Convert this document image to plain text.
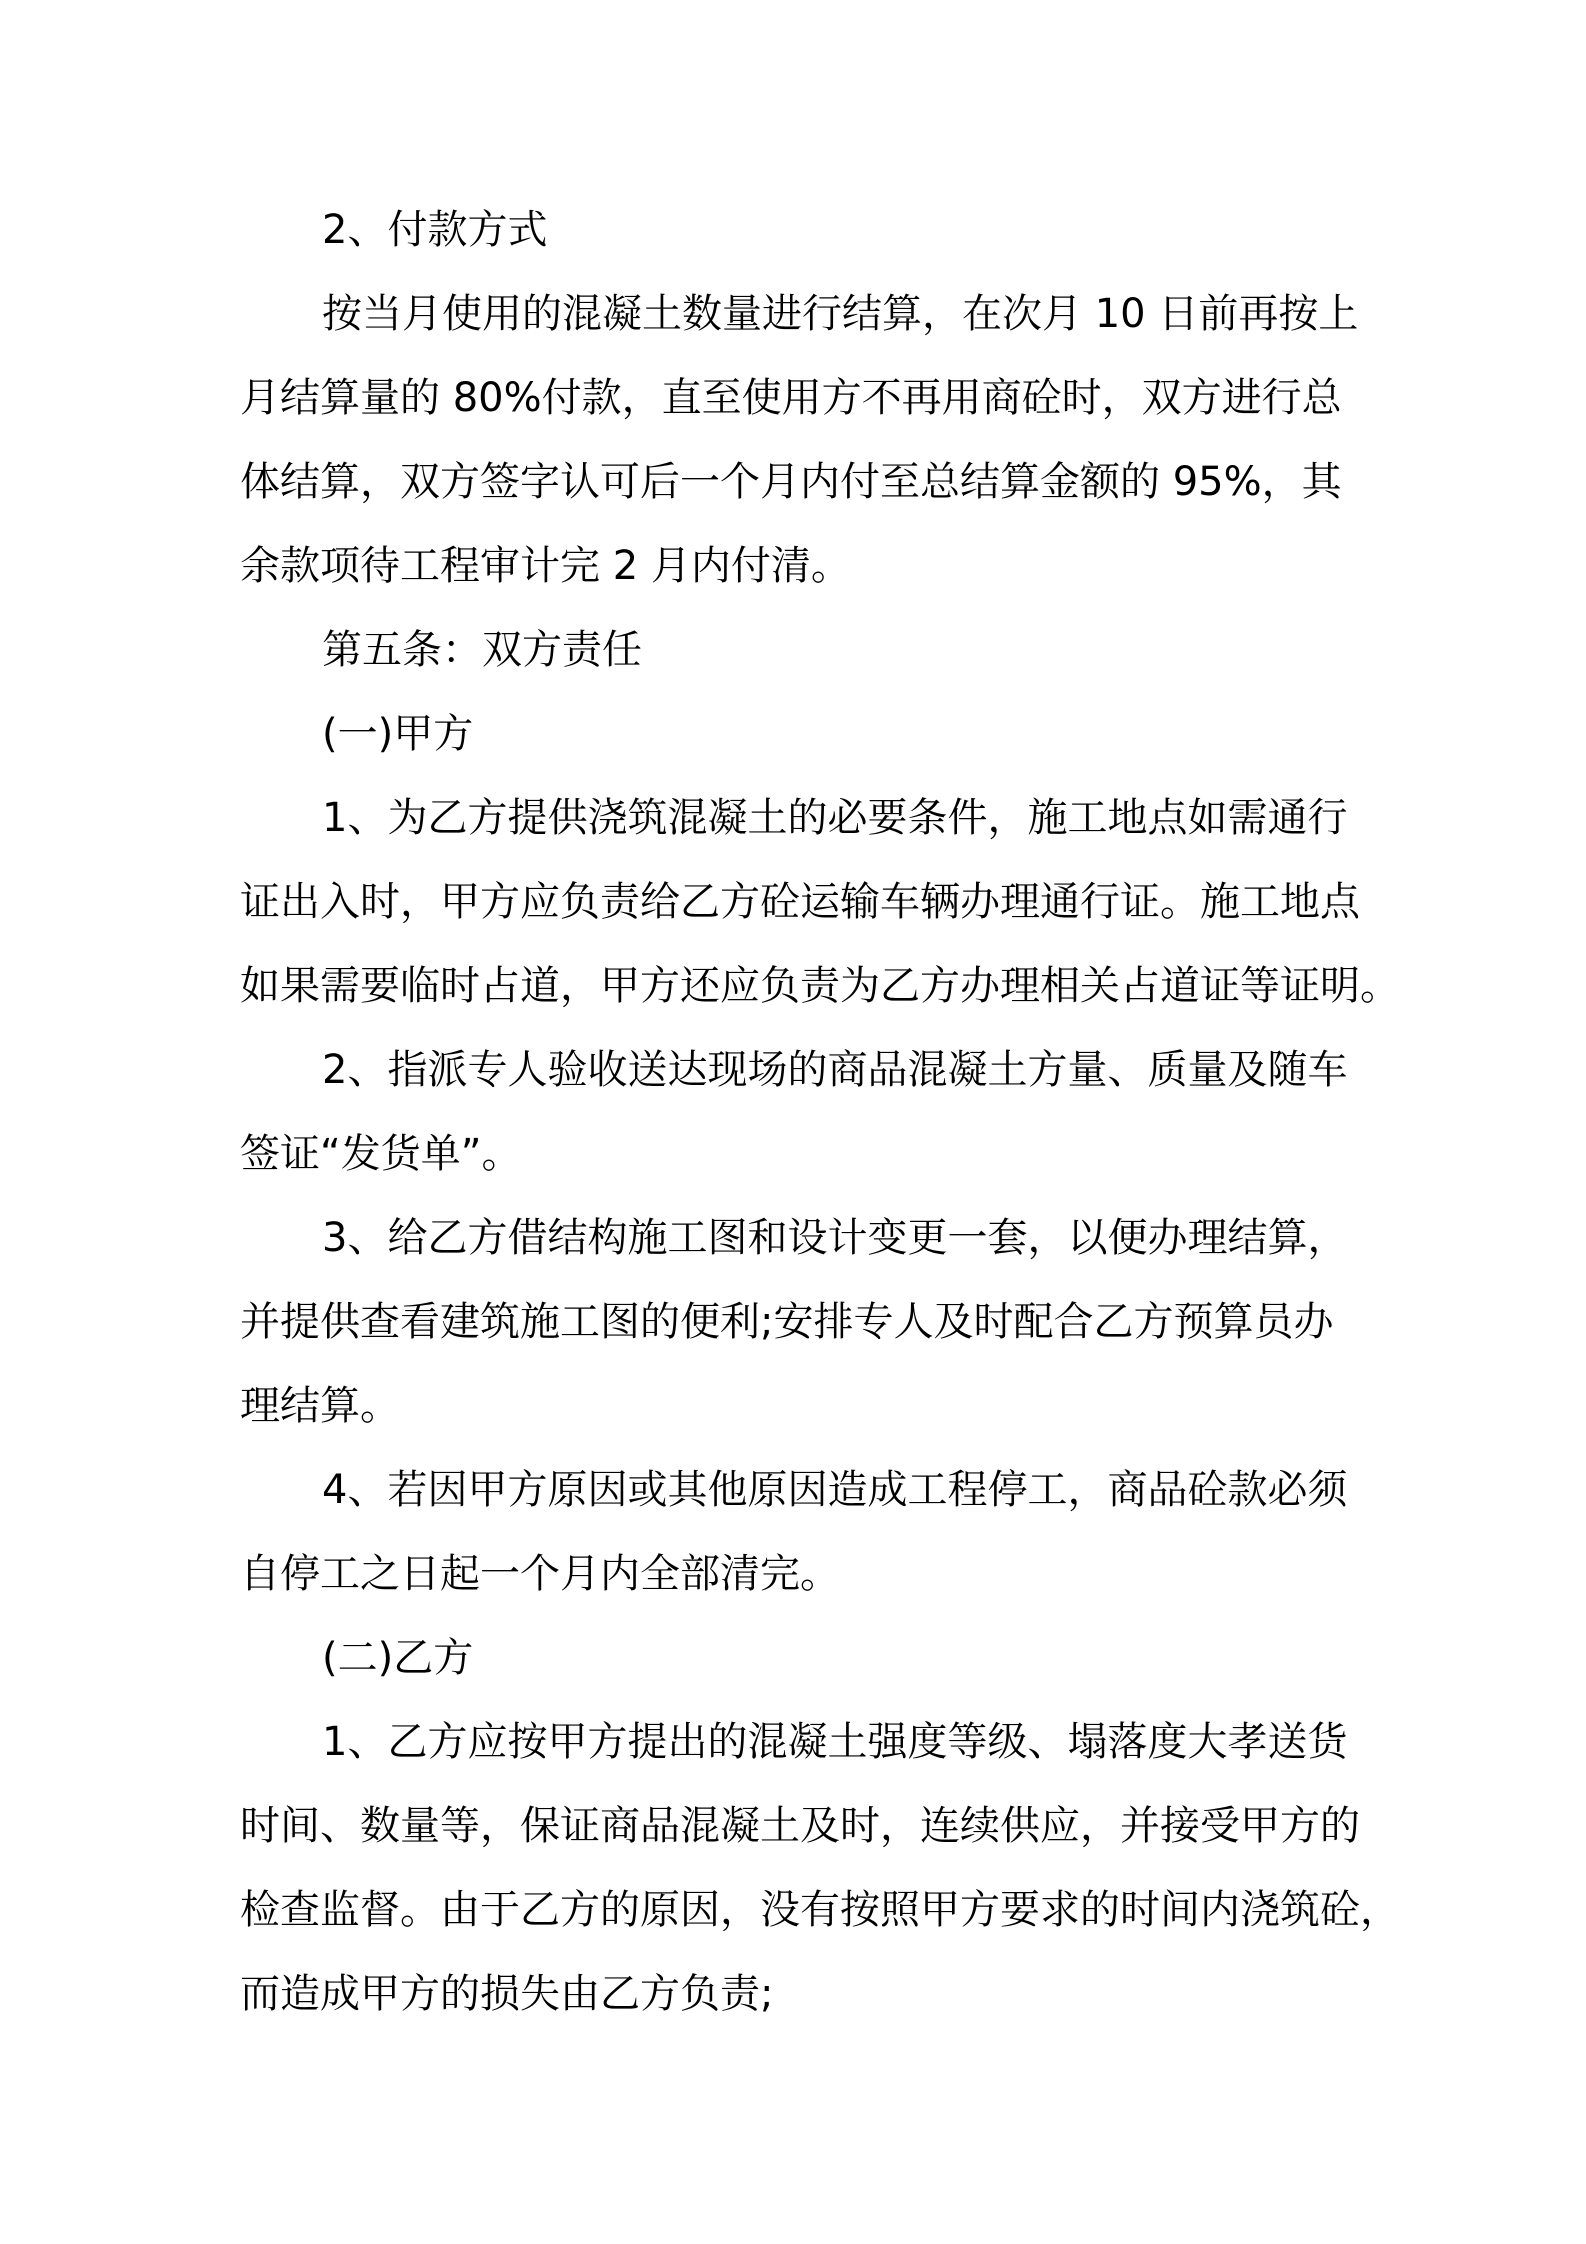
2、付款方式
按当月使用的混凝土数量进行结算，在次月 10 日前再按上
月结算量的 80%付款，直至使用方不再用商砼时，双方进行总
体结算，双方签字认可后一个月内付至总结算金额的 95%，其
余款项待工程审计完 2 月内付清。
第五条：双方责任
(一)甲方
1、为乙方提供浇筑混凝土的必要条件，施工地点如需通行
证出入时，甲方应负责给乙方砼运输车辆办理通行证。施工地点
如果需要临时占道，甲方还应负责为乙方办理相关占道证等证明。
2、指派专人验收送达现场的商品混凝土方量、质量及随车
签证“发货单”。
3、给乙方借结构施工图和设计变更一套，以便办理结算，
并提供查看建筑施工图的便利;安排专人及时配合乙方预算员办
理结算。
4、若因甲方原因或其他原因造成工程停工，商品砼款必须
自停工之日起一个月内全部清完。
(二)乙方
1、乙方应按甲方提出的混凝土强度等级、塌落度大孝送货
时间、数量等，保证商品混凝土及时，连续供应，并接受甲方的
检查监督。由于乙方的原因，没有按照甲方要求的时间内浇筑砼，
而造成甲方的损失由乙方负责;
